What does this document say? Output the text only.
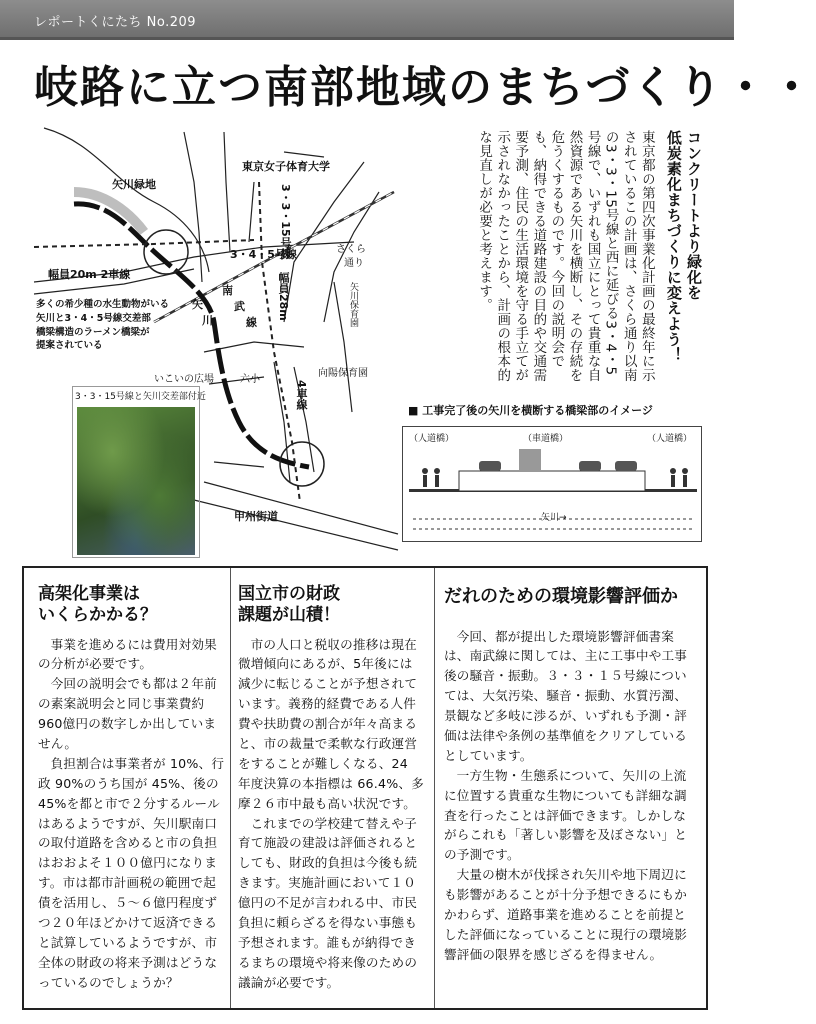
レポートくにたち No.209
岐路に立つ南部地域のまちづくり・・
矢川緑地
東京女子体育大学
3・4・5号線
幅員20m 2車線
さくら
通り
南
武
線
矢
川	矢川保育園
いこいの広場	六小
向陽保育園
甲州街道
3・3・15号線
幅員28m
4車線
多くの希少種の水生動物がいる
矢川と3・4・5号線交差部
橋梁構造のラーメン橋梁が
提案されている
3・3・15号線と矢川交差部付近
コンクリートより緑化を
低炭素化まちづくりに変えよう！
東京都の第四次事業化計画の最終年に示されているこの計画は、さくら通り以南の3・3・15号線と西に延びる3・4・5号線で、いずれも国立にとって貴重な自然資源である矢川を横断し、その存続を危うくするものです。今回の説明会でも、納得できる道路建設の目的や交通需要予測、住民の生活環境を守る手立てが示されなかったことから、計画の根本的な見直しが必要と考えます。
■ 工事完了後の矢川を横断する橋梁部のイメージ
（人道橋）	（車道橋）	（人道橋）
矢川→
高架化事業は
いくらかかる？

事業を進めるには費用対効果の分析が必要です。

今回の説明会でも都は２年前の素案説明会と同じ事業費約960億円の数字しか出していません。

負担割合は事業者が 10%、行政 90%のうち国が 45%、後の45%を都と市で２分するルールはあるようですが、矢川駅南口の取付道路を含めると市の負担はおおよそ１００億円になります。市は都市計画税の範囲で起債を活用し、５～６億円程度ずつ２０年ほどかけて返済できると試算しているようですが、市全体の財政の将来予測はどうなっているのでしょうか？

国立市の財政
課題が山積！

市の人口と税収の推移は現在微増傾向にあるが、5年後には減少に転じることが予想されています。義務的経費である人件費や扶助費の割合が年々高まると、市の裁量で柔軟な行政運営をすることが難しくなる、24 年度決算の本指標は 66.4%、多摩２６市中最も高い状況です。

これまでの学校建て替えや子育て施設の建設は評価されるとしても、財政的負担は今後も続きます。実施計画において１０億円の不足が言われる中、市民負担に頼らざるを得ない事態も予想されます。誰もが納得できるまちの環境や将来像のための議論が必要です。

だれのための環境影響評価か

今回、都が提出した環境影響評価書案は、南武線に関しては、主に工事中や工事後の騒音・振動。３・３・１５号線については、大気汚染、騒音・振動、水質汚濁、景観など多岐に渉るが、いずれも予測・評価は法律や条例の基準値をクリアしているとしています。

一方生物・生態系について、矢川の上流に位置する貴重な生物についても詳細な調査を行ったことは評価できます。しかしながらこれも「著しい影響を及ぼさない」との予測です。

大量の樹木が伐採され矢川や地下周辺にも影響があることが十分予想できるにもかかわらず、道路事業を進めることを前提とした評価になっていることに現行の環境影響評価の限界を感じざるを得ません。
